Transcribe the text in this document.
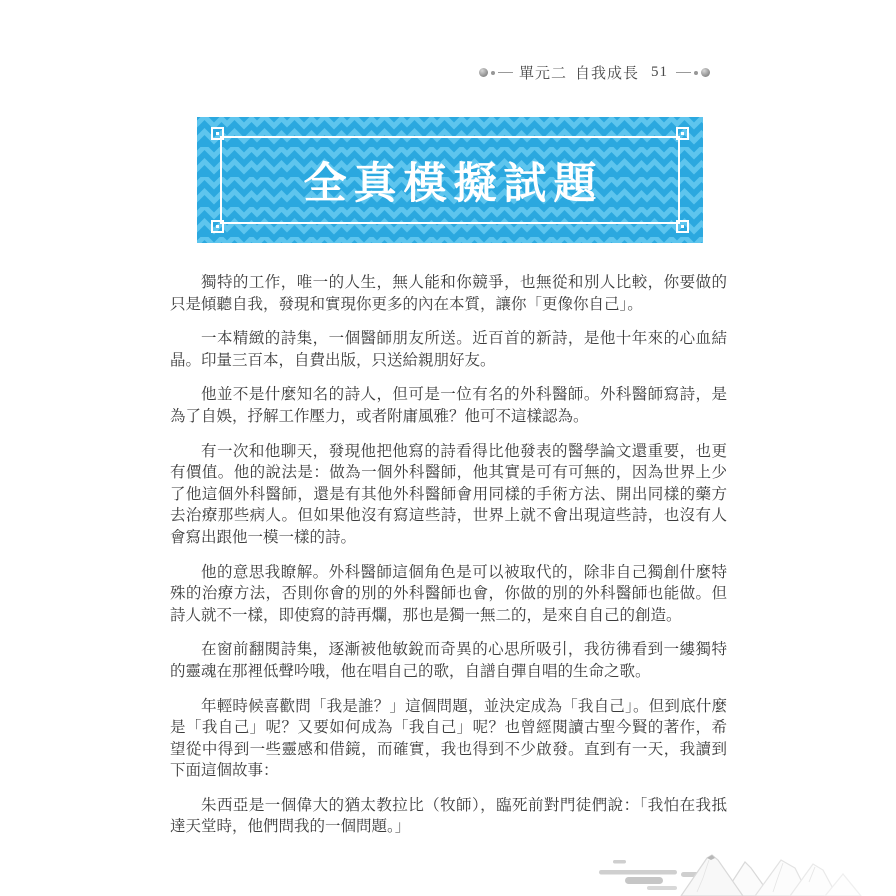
單元二 自我成長 51
全真模擬試題

獨特的工作，唯一的人生，無人能和你競爭，也無從和別人比較，你要做的只是傾聽自我，發現和實現你更多的內在本質，讓你「更像你自己」。

一本精緻的詩集，一個醫師朋友所送。近百首的新詩，是他十年來的心血結晶。印量三百本，自費出版，只送給親朋好友。

他並不是什麼知名的詩人，但可是一位有名的外科醫師。外科醫師寫詩，是為了自娛，抒解工作壓力，或者附庸風雅？他可不這樣認為。

有一次和他聊天，發現他把他寫的詩看得比他發表的醫學論文還重要，也更有價值。他的說法是：做為一個外科醫師，他其實是可有可無的，因為世界上少了他這個外科醫師，還是有其他外科醫師會用同樣的手術方法、開出同樣的藥方去治療那些病人。但如果他沒有寫這些詩，世界上就不會出現這些詩，也沒有人會寫出跟他一模一樣的詩。

他的意思我瞭解。外科醫師這個角色是可以被取代的，除非自己獨創什麼特殊的治療方法，否則你會的別的外科醫師也會，你做的別的外科醫師也能做。但詩人就不一樣，即使寫的詩再爛，那也是獨一無二的，是來自自己的創造。

在窗前翻閱詩集，逐漸被他敏銳而奇異的心思所吸引，我彷彿看到一縷獨特的靈魂在那裡低聲吟哦，他在唱自己的歌，自譜自彈自唱的生命之歌。

年輕時候喜歡問「我是誰？」這個問題，並決定成為「我自己」。但到底什麼是「我自己」呢？又要如何成為「我自己」呢？也曾經閱讀古聖今賢的著作，希望從中得到一些靈感和借鏡，而確實，我也得到不少啟發。直到有一天，我讀到下面這個故事：

朱西亞是一個偉大的猶太教拉比（牧師），臨死前對門徒們說：「我怕在我抵達天堂時，他們問我的一個問題。」
